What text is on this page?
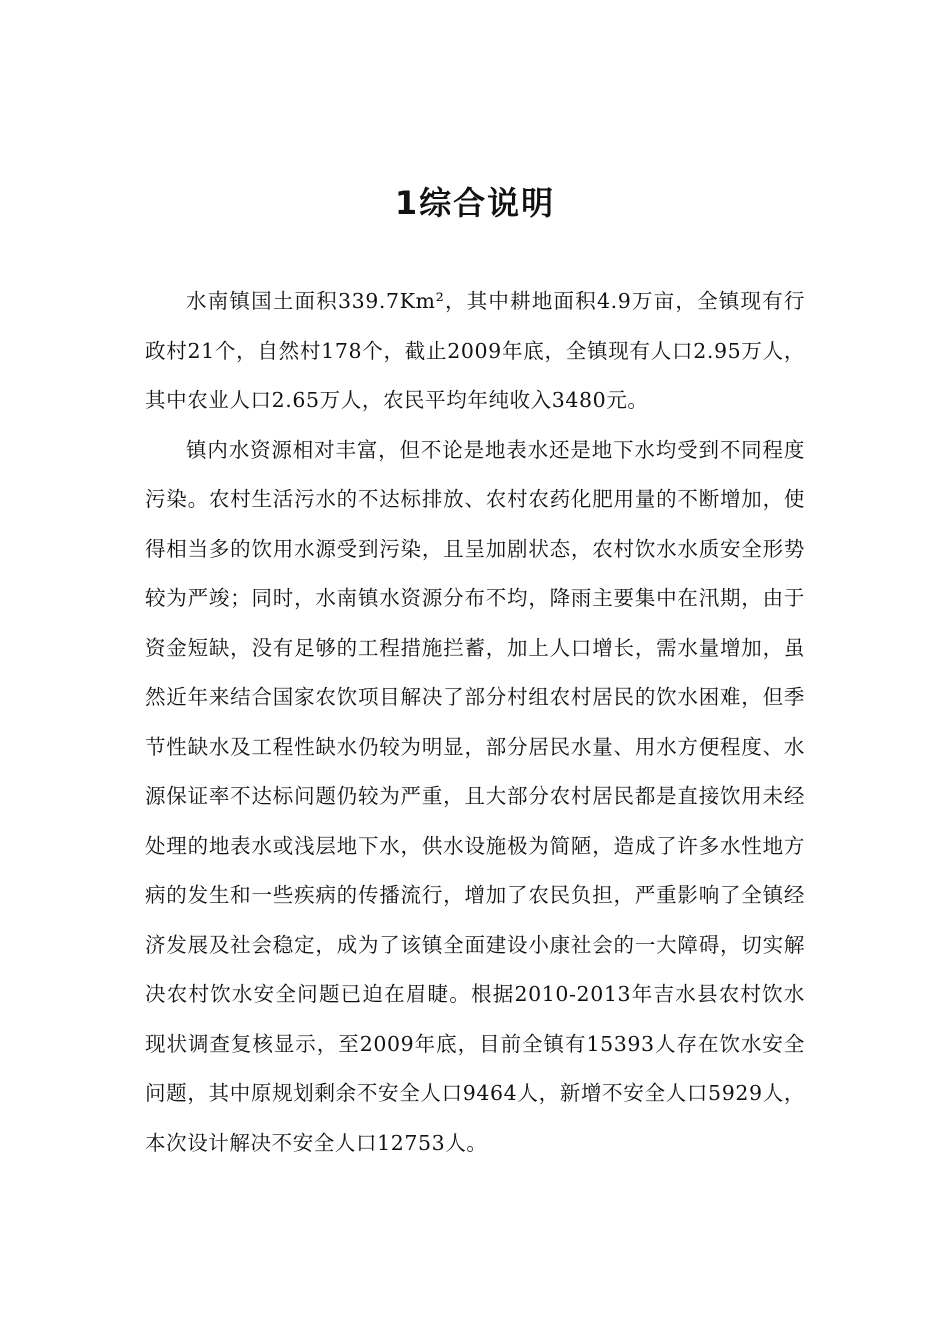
1综合说明

水南镇国土面积339.7Km²，其中耕地面积4.9万亩，全镇现有行政村21个，自然村178个，截止2009年底，全镇现有人口2.95万人，其中农业人口2.65万人，农民平均年纯收入3480元。

镇内水资源相对丰富，但不论是地表水还是地下水均受到不同程度污染。农村生活污水的不达标排放、农村农药化肥用量的不断增加，使得相当多的饮用水源受到污染，且呈加剧状态，农村饮水水质安全形势较为严竣；同时，水南镇水资源分布不均，降雨主要集中在汛期，由于资金短缺，没有足够的工程措施拦蓄，加上人口增长，需水量增加，虽然近年来结合国家农饮项目解决了部分村组农村居民的饮水困难，但季节性缺水及工程性缺水仍较为明显，部分居民水量、用水方便程度、水源保证率不达标问题仍较为严重，且大部分农村居民都是直接饮用未经处理的地表水或浅层地下水，供水设施极为简陋，造成了许多水性地方病的发生和一些疾病的传播流行，增加了农民负担，严重影响了全镇经济发展及社会稳定，成为了该镇全面建设小康社会的一大障碍，切实解决农村饮水安全问题已迫在眉睫。根据2010-2013年吉水县农村饮水现状调查复核显示，至2009年底，目前全镇有15393人存在饮水安全问题，其中原规划剩余不安全人口9464人，新增不安全人口5929人，本次设计解决不安全人口12753人。
